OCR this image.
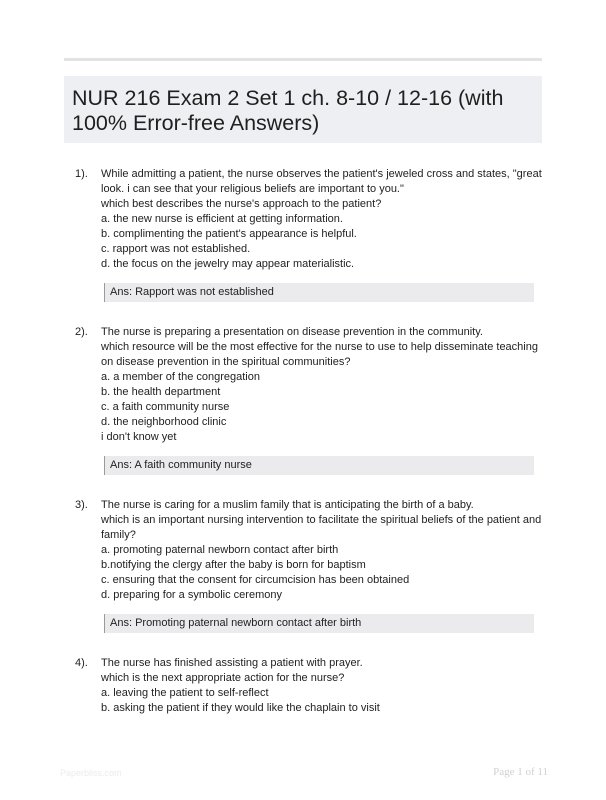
NUR 216 Exam 2 Set 1 ch. 8-10 / 12-16 (with 100% Error-free Answers)
1). While admitting a patient, the nurse observes the patient's jeweled cross and states, "great
look. i can see that your religious beliefs are important to you."
which best describes the nurse's approach to the patient?
a. the new nurse is efficient at getting information.
b. complimenting the patient's appearance is helpful.
c. rapport was not established.
d. the focus on the jewelry may appear materialistic.
Ans: Rapport was not established
2). The nurse is preparing a presentation on disease prevention in the community.
which resource will be the most effective for the nurse to use to help disseminate teaching
on disease prevention in the spiritual communities?
a. a member of the congregation
b. the health department
c. a faith community nurse
d. the neighborhood clinic
i don't know yet
Ans: A faith community nurse
3). The nurse is caring for a muslim family that is anticipating the birth of a baby.
which is an important nursing intervention to facilitate the spiritual beliefs of the patient and
family?
a. promoting paternal newborn contact after birth
b.notifying the clergy after the baby is born for baptism
c. ensuring that the consent for circumcision has been obtained
d. preparing for a symbolic ceremony
Ans: Promoting paternal newborn contact after birth
4). The nurse has finished assisting a patient with prayer.
which is the next appropriate action for the nurse?
a. leaving the patient to self-reflect
b. asking the patient if they would like the chaplain to visit
Paperbliss.com	Page 1 of 11
